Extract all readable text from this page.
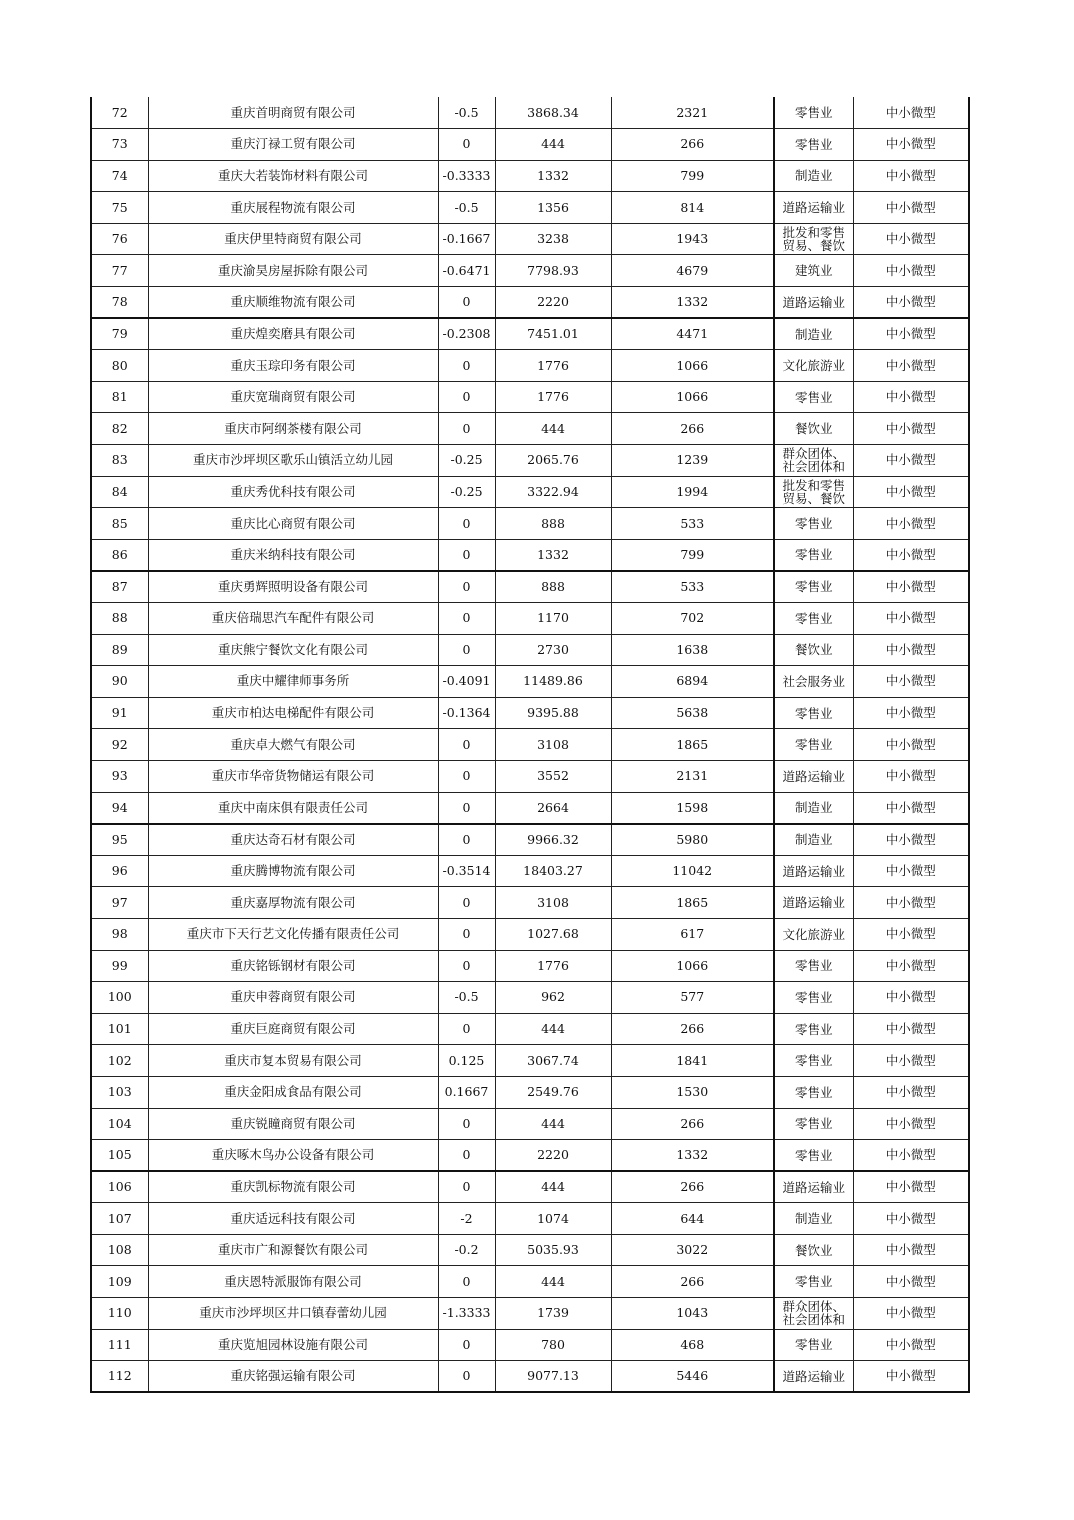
72	重庆首明商贸有限公司	-0.5	3868.34	2321	零售业	中小微型
73	重庆汀禄工贸有限公司	0	444	266	零售业	中小微型
74	重庆大若装饰材料有限公司	-0.3333	1332	799	制造业	中小微型
75	重庆展程物流有限公司	-0.5	1356	814	道路运输业	中小微型
76	重庆伊里特商贸有限公司	-0.1667	3238	1943	批发和零售贸易、餐饮	中小微型
77	重庆渝昊房屋拆除有限公司	-0.6471	7798.93	4679	建筑业	中小微型
78	重庆顺维物流有限公司	0	2220	1332	道路运输业	中小微型
79	重庆煌奕磨具有限公司	-0.2308	7451.01	4471	制造业	中小微型
80	重庆玉琮印务有限公司	0	1776	1066	文化旅游业	中小微型
81	重庆宽瑞商贸有限公司	0	1776	1066	零售业	中小微型
82	重庆市阿纲茶楼有限公司	0	444	266	餐饮业	中小微型
83	重庆市沙坪坝区歌乐山镇活立幼儿园	-0.25	2065.76	1239	群众团体、社会团体和	中小微型
84	重庆秀优科技有限公司	-0.25	3322.94	1994	批发和零售贸易、餐饮	中小微型
85	重庆比心商贸有限公司	0	888	533	零售业	中小微型
86	重庆米纳科技有限公司	0	1332	799	零售业	中小微型
87	重庆勇辉照明设备有限公司	0	888	533	零售业	中小微型
88	重庆倍瑞思汽车配件有限公司	0	1170	702	零售业	中小微型
89	重庆熊宁餐饮文化有限公司	0	2730	1638	餐饮业	中小微型
90	重庆中耀律师事务所	-0.4091	11489.86	6894	社会服务业	中小微型
91	重庆市柏达电梯配件有限公司	-0.1364	9395.88	5638	零售业	中小微型
92	重庆卓大燃气有限公司	0	3108	1865	零售业	中小微型
93	重庆市华帝货物储运有限公司	0	3552	2131	道路运输业	中小微型
94	重庆中南床俱有限责任公司	0	2664	1598	制造业	中小微型
95	重庆达奇石材有限公司	0	9966.32	5980	制造业	中小微型
96	重庆腾博物流有限公司	-0.3514	18403.27	11042	道路运输业	中小微型
97	重庆嘉厚物流有限公司	0	3108	1865	道路运输业	中小微型
98	重庆市下天行艺文化传播有限责任公司	0	1027.68	617	文化旅游业	中小微型
99	重庆铭铄钢材有限公司	0	1776	1066	零售业	中小微型
100	重庆申蓉商贸有限公司	-0.5	962	577	零售业	中小微型
101	重庆巨庭商贸有限公司	0	444	266	零售业	中小微型
102	重庆市复本贸易有限公司	0.125	3067.74	1841	零售业	中小微型
103	重庆金阳成食品有限公司	0.1667	2549.76	1530	零售业	中小微型
104	重庆锐瞳商贸有限公司	0	444	266	零售业	中小微型
105	重庆啄木鸟办公设备有限公司	0	2220	1332	零售业	中小微型
106	重庆凯标物流有限公司	0	444	266	道路运输业	中小微型
107	重庆适远科技有限公司	-2	1074	644	制造业	中小微型
108	重庆市广和源餐饮有限公司	-0.2	5035.93	3022	餐饮业	中小微型
109	重庆恩特派服饰有限公司	0	444	266	零售业	中小微型
110	重庆市沙坪坝区井口镇春蕾幼儿园	-1.3333	1739	1043	群众团体、社会团体和	中小微型
111	重庆览旭园林设施有限公司	0	780	468	零售业	中小微型
112	重庆铭强运输有限公司	0	9077.13	5446	道路运输业	中小微型
